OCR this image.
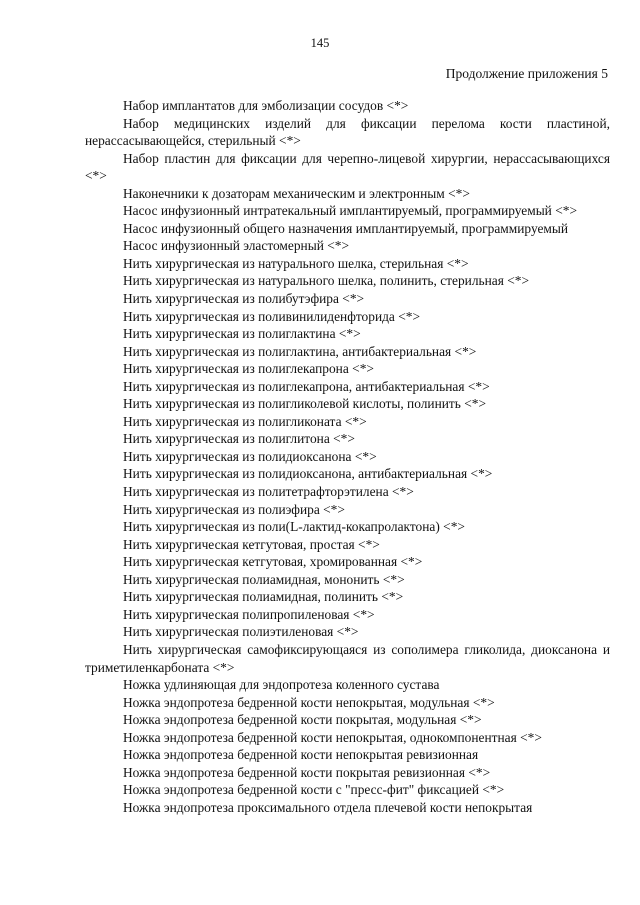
145
Продолжение приложения 5

Набор имплантатов для эмболизации сосудов <*>

Набор медицинских изделий для фиксации перелома кости пластиной, нерассасывающейся, стерильный <*>

Набор пластин для фиксации для черепно-лицевой хирургии, нерассасывающихся <*>

Наконечники к дозаторам механическим и электронным <*>

Насос инфузионный интратекальный имплантируемый, программируемый <*>

Насос инфузионный общего назначения имплантируемый, программируемый

Насос инфузионный эластомерный <*>

Нить хирургическая из натурального шелка, стерильная <*>

Нить хирургическая из натурального шелка, полинить, стерильная <*>

Нить хирургическая из полибутэфира <*>

Нить хирургическая из поливинилиденфторида <*>

Нить хирургическая из полиглактина <*>

Нить хирургическая из полиглактина, антибактериальная <*>

Нить хирургическая из полиглекапрона <*>

Нить хирургическая из полиглекапрона, антибактериальная <*>

Нить хирургическая из полигликолевой кислоты, полинить <*>

Нить хирургическая из полигликоната <*>

Нить хирургическая из полиглитона <*>

Нить хирургическая из полидиоксанона <*>

Нить хирургическая из полидиоксанона, антибактериальная <*>

Нить хирургическая из политетрафторэтилена <*>

Нить хирургическая из полиэфира <*>

Нить хирургическая из поли(L-лактид-кокапролактона) <*>

Нить хирургическая кетгутовая, простая <*>

Нить хирургическая кетгутовая, хромированная <*>

Нить хирургическая полиамидная, мононить <*>

Нить хирургическая полиамидная, полинить <*>

Нить хирургическая полипропиленовая <*>

Нить хирургическая полиэтиленовая <*>

Нить хирургическая самофиксирующаяся из сополимера гликолида, диоксанона и триметиленкарбоната <*>

Ножка удлиняющая для эндопротеза коленного сустава

Ножка эндопротеза бедренной кости непокрытая, модульная <*>

Ножка эндопротеза бедренной кости покрытая, модульная <*>

Ножка эндопротеза бедренной кости непокрытая, однокомпонентная <*>

Ножка эндопротеза бедренной кости непокрытая ревизионная

Ножка эндопротеза бедренной кости покрытая ревизионная <*>

Ножка эндопротеза бедренной кости с "пресс-фит" фиксацией <*>

Ножка эндопротеза проксимального отдела плечевой кости непокрытая
